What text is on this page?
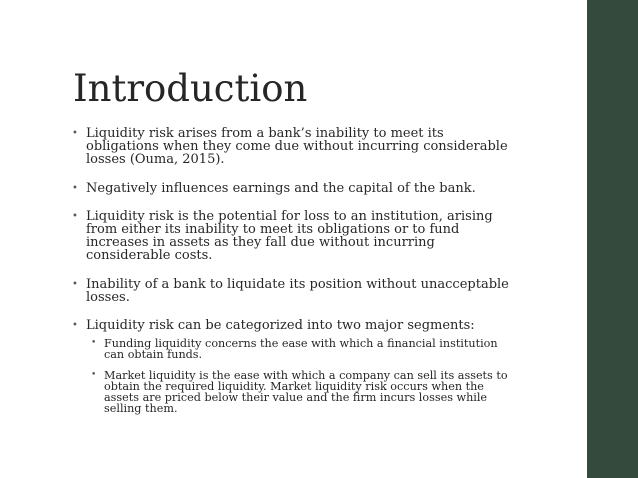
Introduction
• Liquidity risk arises from a bank’s inability to meet its obligations when they come due without incurring considerable losses (Ouma, 2015).
• Negatively influences earnings and the capital of the bank.
• Liquidity risk is the potential for loss to an institution, arising from either its inability to meet its obligations or to fund increases in assets as they fall due without incurring considerable costs.
• Inability of a bank to liquidate its position without unacceptable losses.
• Liquidity risk can be categorized into two major segments:
• Funding liquidity concerns the ease with which a financial institution can obtain funds.
• Market liquidity is the ease with which a company can sell its assets to obtain the required liquidity. Market liquidity risk occurs when the assets are priced below their value and the firm incurs losses while selling them.
